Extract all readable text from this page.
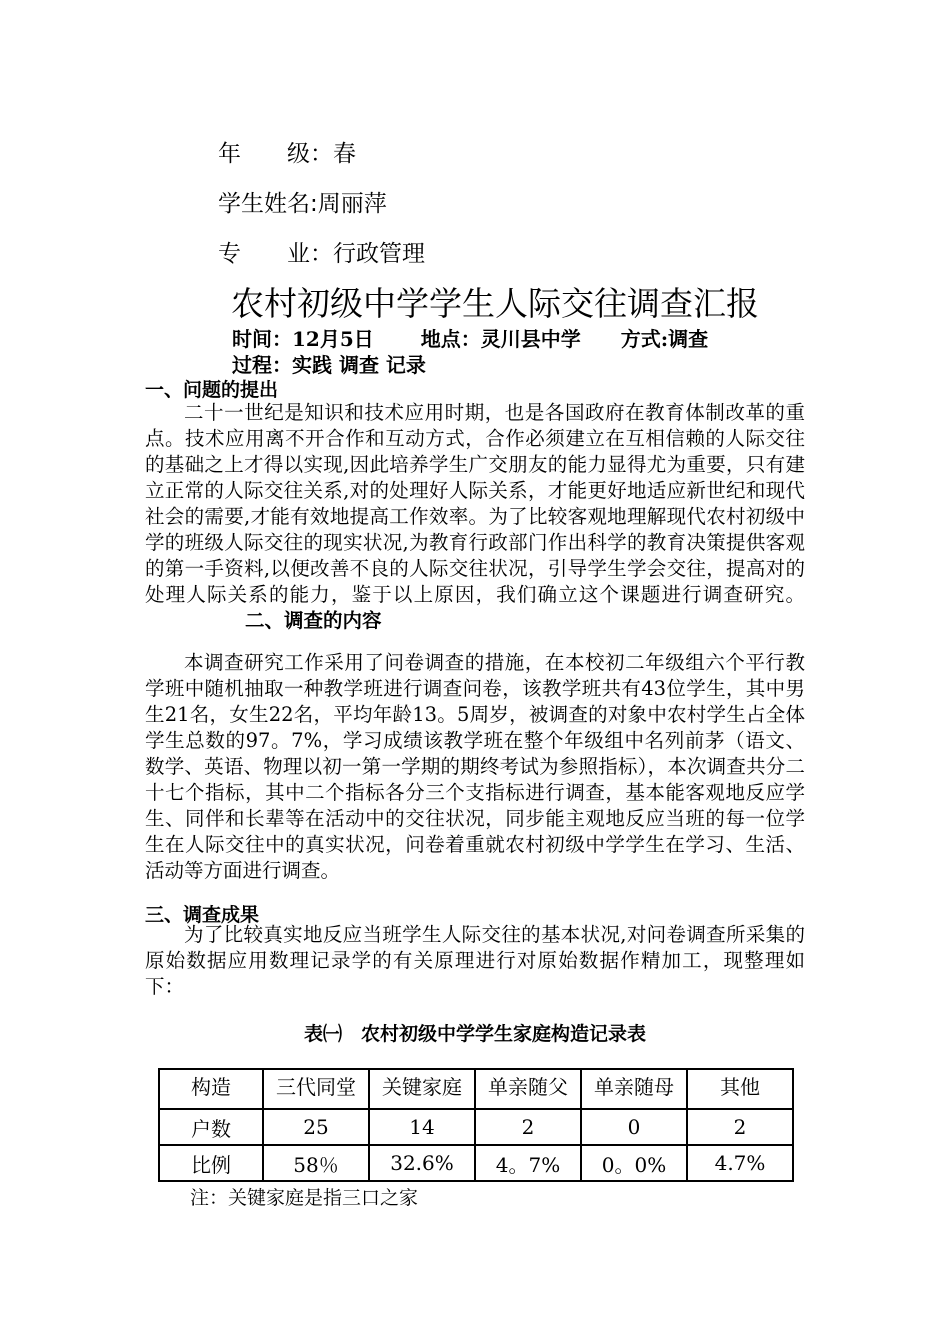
年　　级：春
学生姓名:周丽萍
专　　业：行政管理
农村初级中学学生人际交往调查汇报
时间：12月5日　　 地点：灵川县中学　　方式:调查
过程：实践 调查 记录
一、问题的提出

二十一世纪是知识和技术应用时期，也是各国政府在教育体制改革的重点。技术应用离不开合作和互动方式，合作必须建立在互相信赖的人际交往的基础之上才得以实现,因此培养学生广交朋友的能力显得尤为重要，只有建立正常的人际交往关系,对的处理好人际关系，才能更好地适应新世纪和现代社会的需要,才能有效地提高工作效率。为了比较客观地理解现代农村初级中学的班级人际交往的现实状况,为教育行政部门作出科学的教育决策提供客观的第一手资料,以便改善不良的人际交往状况，引导学生学会交往，提高对的处理人际关系的能力，鉴于以上原因，我们确立这个课题进行调查研究。二、调查的内容

本调查研究工作采用了问卷调查的措施，在本校初二年级组六个平行教学班中随机抽取一种教学班进行调查问卷，该教学班共有43位学生，其中男生21名，女生22名，平均年龄13。5周岁，被调查的对象中农村学生占全体学生总数的97。7%，学习成绩该教学班在整个年级组中名列前茅（语文、数学、英语、物理以初一第一学期的期终考试为参照指标），本次调查共分二十七个指标，其中二个指标各分三个支指标进行调查，基本能客观地反应学生、同伴和长辈等在活动中的交往状况，同步能主观地反应当班的每一位学生在人际交往中的真实状况，问卷着重就农村初级中学学生在学习、生活、活动等方面进行调查。

三、调查成果

为了比较真实地反应当班学生人际交往的基本状况,对问卷调查所采集的原始数据应用数理记录学的有关原理进行对原始数据作精加工，现整理如下：

表㈠　农村初级中学学生家庭构造记录表
构造	三代同堂	关键家庭	单亲随父	单亲随母	其他

户数	25	14	2	0	2
比例	58％	32.6%	4。7%	0。0%	4.7%
注：关键家庭是指三口之家
